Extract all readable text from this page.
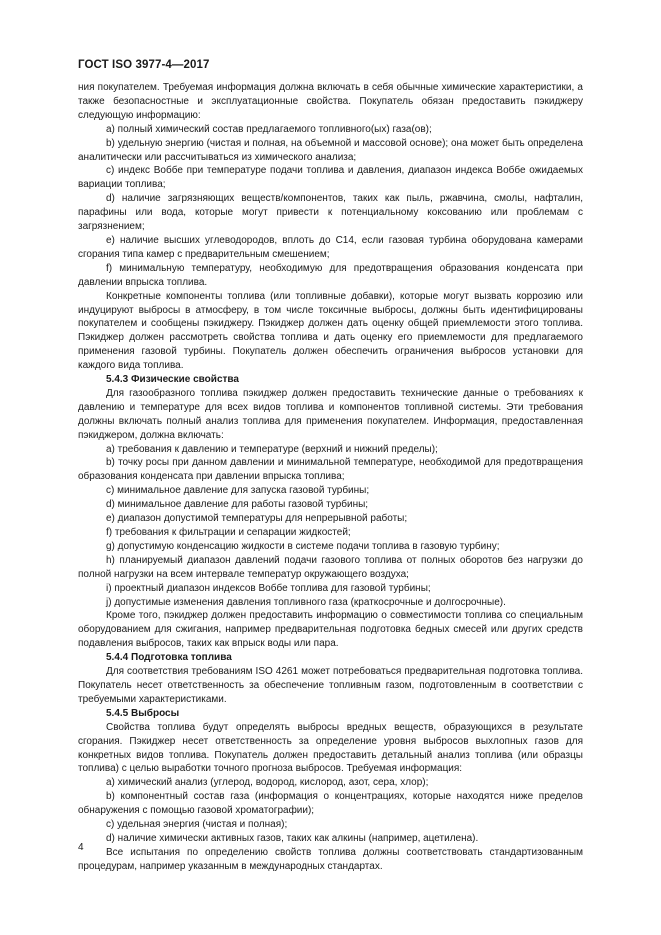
ГОСТ ISO 3977-4—2017

ния покупателем. Требуемая информация должна включать в себя обычные химические характеристики, а также безопасностные и эксплуатационные свойства. Покупатель обязан предоставить пэкиджеру следующую информацию:

а) полный химический состав предлагаемого топливного(ых) газа(ов);

b) удельную энергию (чистая и полная, на объемной и массовой основе); она может быть определена аналитически или рассчитываться из химического анализа;

с) индекс Воббе при температуре подачи топлива и давления, диапазон индекса Воббе ожидаемых вариации топлива;

d) наличие загрязняющих веществ/компонентов, таких как пыль, ржавчина, смолы, нафталин, парафины или вода, которые могут привести к потенциальному коксованию или проблемам с загрязнением;

е) наличие высших углеводородов, вплоть до С14, если газовая турбина оборудована камерами сгорания типа камер с предварительным смешением;

f) минимальную температуру, необходимую для предотвращения образования конденсата при давлении впрыска топлива.

Конкретные компоненты топлива (или топливные добавки), которые могут вызвать коррозию или индуцируют выбросы в атмосферу, в том числе токсичные выбросы, должны быть идентифицированы покупателем и сообщены пэкиджеру. Пэкиджер должен дать оценку общей приемлемости этого топлива. Пэкиджер должен рассмотреть свойства топлива и дать оценку его приемлемости для предлагаемого применения газовой турбины. Покупатель должен обеспечить ограничения выбросов установки для каждого вида топлива.

5.4.3 Физические свойства

Для газообразного топлива пэкиджер должен предоставить технические данные о требованиях к давлению и температуре для всех видов топлива и компонентов топливной системы. Эти требования должны включать полный анализ топлива для применения покупателем. Информация, предоставленная пэкиджером, должна включать:

а) требования к давлению и температуре (верхний и нижний пределы);

b) точку росы при данном давлении и минимальной температуре, необходимой для предотвращения образования конденсата при давлении впрыска топлива;

с) минимальное давление для запуска газовой турбины;

d) минимальное давление для работы газовой турбины;

е) диапазон допустимой температуры для непрерывной работы;

f) требования к фильтрации и сепарации жидкостей;

g) допустимую конденсацию жидкости в системе подачи топлива в газовую турбину;

h) планируемый диапазон давлений подачи газового топлива от полных оборотов без нагрузки до полной нагрузки на всем интервале температур окружающего воздуха;

i) проектный диапазон индексов Воббе топлива для газовой турбины;

j) допустимые изменения давления топливного газа (краткосрочные и долгосрочные).

Кроме того, пэкиджер должен предоставить информацию о совместимости топлива со специальным оборудованием для сжигания, например предварительная подготовка бедных смесей или других средств подавления выбросов, таких как впрыск воды или пара.

5.4.4 Подготовка топлива

Для соответствия требованиям ISO 4261 может потребоваться предварительная подготовка топлива. Покупатель несет ответственность за обеспечение топливным газом, подготовленным в соответствии с требуемыми характеристиками.

5.4.5 Выбросы

Свойства топлива будут определять выбросы вредных веществ, образующихся в результате сгорания. Пэкиджер несет ответственность за определение уровня выбросов выхлопных газов для конкретных видов топлива. Покупатель должен предоставить детальный анализ топлива (или образцы топлива) с целью выработки точного прогноза выбросов. Требуемая информация:

а) химический анализ (углерод, водород, кислород, азот, сера, хлор);

b) компонентный состав газа (информация о концентрациях, которые находятся ниже пределов обнаружения с помощью газовой хроматографии);

с) удельная энергия (чистая и полная);

d) наличие химически активных газов, таких как алкины (например, ацетилена).

Все испытания по определению свойств топлива должны соответствовать стандартизованным процедурам, например указанным в международных стандартах.

4
